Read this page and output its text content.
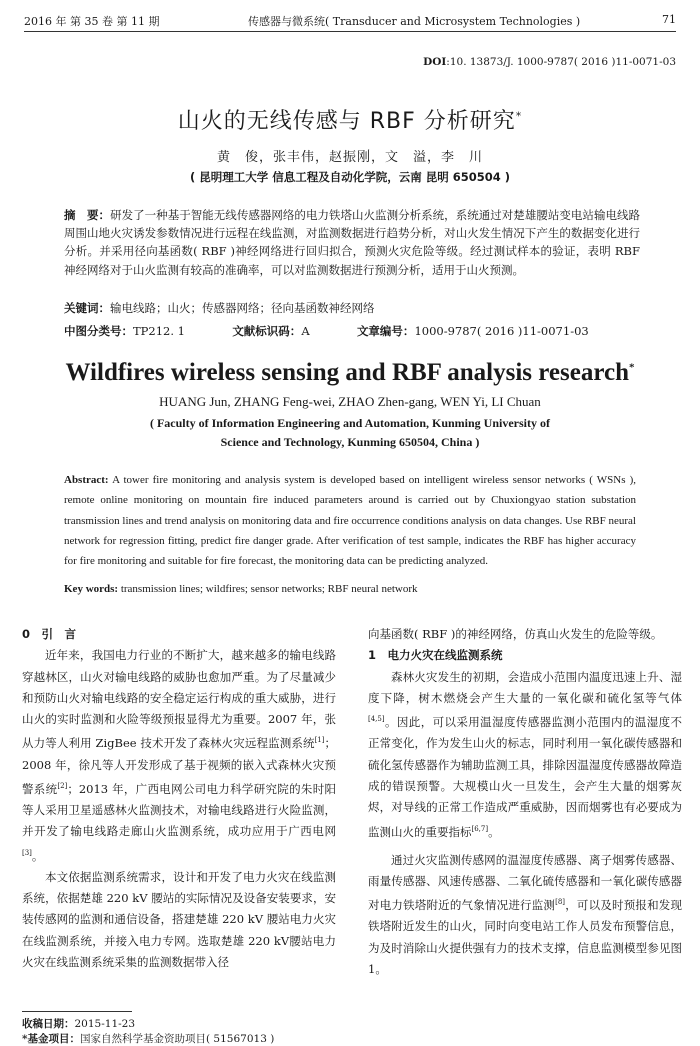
2016 年 第 35 卷 第 11 期	传感器与微系统( Transducer and Microsystem Technologies )	71
DOI:10. 13873/J. 1000-9787( 2016 )11-0071-03
山火的无线传感与 RBF 分析研究*
黄　俊，张丰伟，赵振刚，文　溢，李　川
( 昆明理工大学 信息工程及自动化学院，云南 昆明 650504 )
摘　要：研发了一种基于智能无线传感器网络的电力铁塔山火监测分析系统，系统通过对楚雄腰站变电站输电线路周围山地火灾诱发参数情况进行远程在线监测，对监测数据进行趋势分析，对山火发生情况下产生的数据变化进行分析。并采用径向基函数( RBF )神经网络进行回归拟合，预测火灾危险等级。经过测试样本的验证，表明 RBF 神经网络对于山火监测有较高的准确率，可以对监测数据进行预测分析，适用于山火预测。
关键词：输电线路；山火；传感器网络；径向基函数神经网络
中图分类号：TP212. 1	文献标识码：A	文章编号：1000-9787( 2016 )11-0071-03
Wildfires wireless sensing and RBF analysis research*
HUANG Jun, ZHANG Feng-wei, ZHAO Zhen-gang, WEN Yi, LI Chuan
( Faculty of Information Engineering and Automation, Kunming University of
Science and Technology, Kunming 650504, China )
Abstract: A tower fire monitoring and analysis system is developed based on intelligent wireless sensor networks ( WSNs ), remote online monitoring on mountain fire induced parameters around is carried out by Chuxiongyao station substation transmission lines and trend analysis on monitoring data and fire occurrence conditions analysis on data changes. Use RBF neural network for regression fitting, predict fire danger grade. After verification of test sample, indicates the RBF has higher accuracy for fire monitoring and suitable for fire forecast, the monitoring data can be predicting analyzed.
Key words: transmission lines; wildfires; sensor networks; RBF neural network
0　引　言

近年来，我国电力行业的不断扩大，越来越多的输电线路穿越林区，山火对输电线路的威胁也愈加严重。为了尽量减少和预防山火对输电线路的安全稳定运行构成的重大威胁，进行山火的实时监测和火险等级预报显得尤为重要。2007 年，张从力等人利用 ZigBee 技术开发了森林火灾远程监测系统[1]；2008 年，徐凡等人开发形成了基于视频的嵌入式森林火灾预警系统[2]；2013 年，广西电网公司电力科学研究院的朱时阳等人采用卫星遥感林火监测技术，对输电线路进行火险监测，并开发了输电线路走廊山火监测系统，成功应用于广西电网[3]。

本文依据监测系统需求，设计和开发了电力火灾在线监测系统，依据楚雄 220 kV 腰站的实际情况及设备安装要求，安装传感网的监测和通信设备，搭建楚雄 220 kV 腰站电力火灾在线监测系统，并接入电力专网。选取楚雄 220 kV腰站电力火灾在线监测系统采集的监测数据带入径

向基函数( RBF )的神经网络，仿真山火发生的危险等级。

1　电力火灾在线监测系统

森林火灾发生的初期，会造成小范围内温度迅速上升、湿度下降，树木燃烧会产生大量的一氧化碳和硫化氢等气体[4,5]。因此，可以采用温湿度传感器监测小范围内的温湿度不正常变化，作为发生山火的标志，同时利用一氧化碳传感器和硫化氢传感器作为辅助监测工具，排除因温湿度传感器故障造成的错误预警。大规模山火一旦发生，会产生大量的烟雾灰烬，对导线的正常工作造成严重威胁，因而烟雾也有必要成为监测山火的重要指标[6,7]。

通过火灾监测传感网的温湿度传感器、离子烟雾传感器、雨量传感器、风速传感器、二氧化硫传感器和一氧化碳传感器对电力铁塔附近的气象情况进行监测[8]，可以及时预报和发现铁塔附近发生的山火，同时向变电站工作人员发布预警信息，为及时消除山火提供强有力的技术支撑，信息监测模型参见图 1。

收稿日期：2015-11-23
*基金项目：国家自然科学基金资助项目( 51567013 )
